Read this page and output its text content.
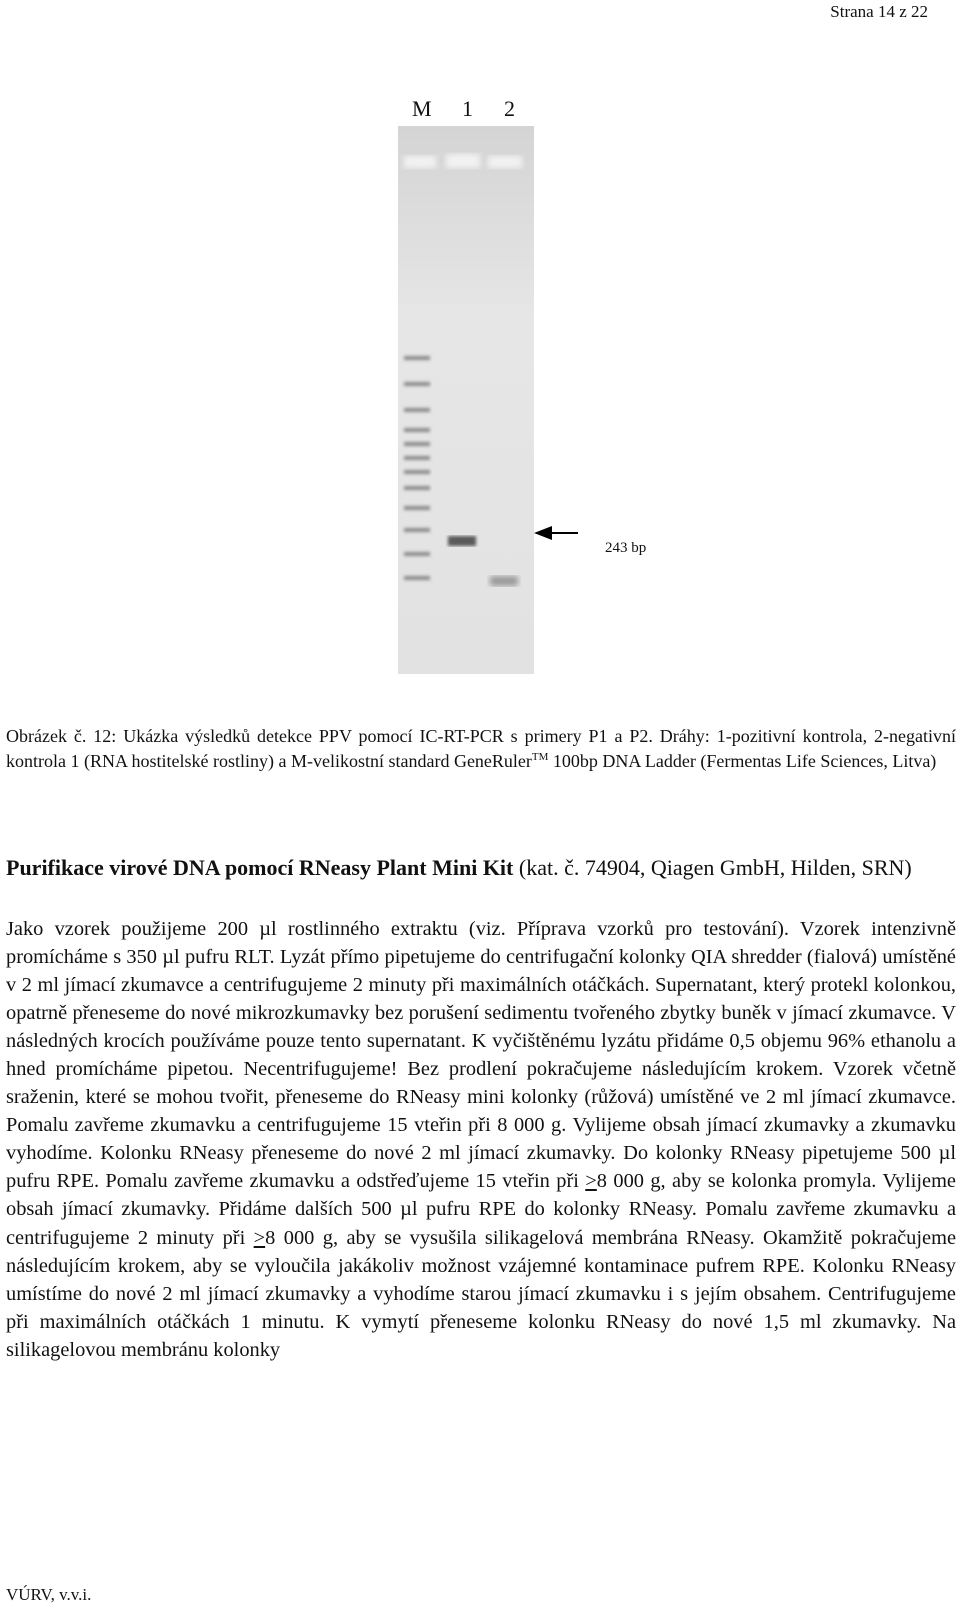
Strana 14 z 22
M 1 2
243 bp
Obrázek č. 12: Ukázka výsledků detekce PPV pomocí IC-RT-PCR s primery P1 a P2. Dráhy: 1-pozitivní kontrola, 2-negativní kontrola 1 (RNA hostitelské rostliny) a M-velikostní standard GeneRuler™ 100bp DNA Ladder (Fermentas Life Sciences, Litva)
Purifikace virové DNA pomocí RNeasy Plant Mini Kit (kat. č. 74904, Qiagen GmbH, Hilden, SRN)

Jako vzorek použijeme 200 µl rostlinného extraktu (viz. Příprava vzorků pro testování). Vzorek intenzivně promícháme s 350 µl pufru RLT. Lyzát přímo pipetujeme do centrifugační kolonky QIA shredder (fialová) umístěné v 2 ml jímací zkumavce a centrifugujeme 2 minuty při maximálních otáčkách. Supernatant, který protekl kolonkou, opatrně přeneseme do nové mikrozkumavky bez porušení sedimentu tvořeného zbytky buněk v jímací zkumavce. V následných krocích používáme pouze tento supernatant. K vyčištěnému lyzátu přidáme 0,5 objemu 96% ethanolu a hned promícháme pipetou. Necentrifugujeme! Bez prodlení pokračujeme následujícím krokem. Vzorek včetně sraženin, které se mohou tvořit, přeneseme do RNeasy mini kolonky (růžová) umístěné ve 2 ml jímací zkumavce. Pomalu zavřeme zkumavku a centrifugujeme 15 vteřin při 8 000 g. Vylijeme obsah jímací zkumavky a zkumavku vyhodíme. Kolonku RNeasy přeneseme do nové 2 ml jímací zkumavky. Do kolonky RNeasy pipetujeme 500 µl pufru RPE. Pomalu zavřeme zkumavku a odstřeďujeme 15 vteřin při >8 000 g, aby se kolonka promyla. Vylijeme obsah jímací zkumavky. Přidáme dalších 500 µl pufru RPE do kolonky RNeasy. Pomalu zavřeme zkumavku a centrifugujeme 2 minuty při >8 000 g, aby se vysušila silikagelová membrána RNeasy. Okamžitě pokračujeme následujícím krokem, aby se vyloučila jakákoliv možnost vzájemné kontaminace pufrem RPE. Kolonku RNeasy umístíme do nové 2 ml jímací zkumavky a vyhodíme starou jímací zkumavku i s jejím obsahem. Centrifugujeme při maximálních otáčkách 1 minutu. K vymytí přeneseme kolonku RNeasy do nové 1,5 ml zkumavky. Na silikagelovou membránu kolonky

VÚRV, v.v.i.
